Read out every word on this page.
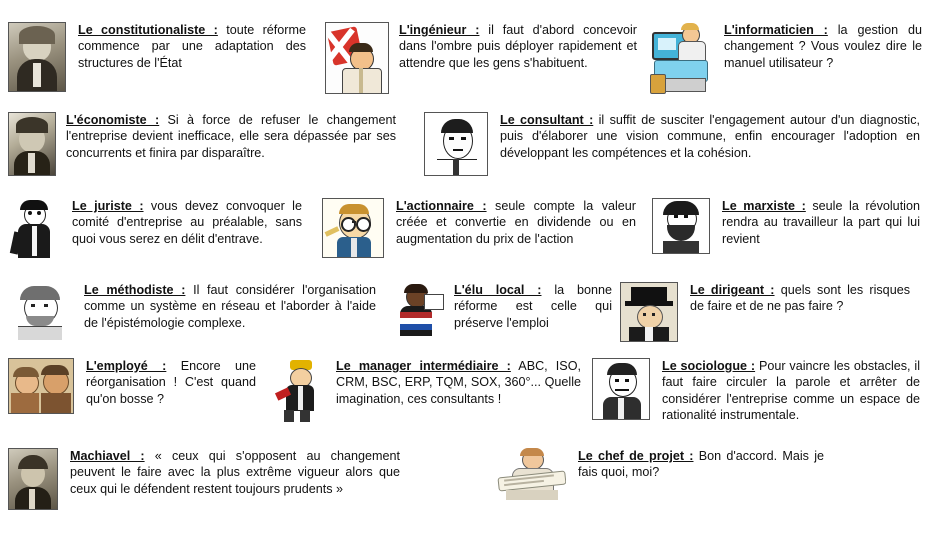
Le constitutionaliste : toute réforme commence par une adaptation des structures de l'État
L'ingénieur : il faut d'abord concevoir dans l'ombre puis déployer rapidement et attendre que les gens s'habituent.
L'informaticien : la gestion du changement ? Vous voulez dire le manuel utilisateur ?
L'économiste : Si à force de refuser le changement l'entreprise devient inefficace, elle sera dépassée par ses concurrents et finira par disparaître.
Le consultant : il suffit de susciter l'engagement autour d'un diagnostic, puis d'élaborer une vision commune, enfin encourager l'adoption en développant les compétences et la cohésion.
Le juriste : vous devez convoquer le comité d'entreprise au préalable, sans quoi vous serez en délit d'entrave.
L'actionnaire : seule compte la valeur créée et convertie en dividende ou en augmentation du prix de l'action
Le marxiste : seule la révolution rendra au travailleur la part qui lui revient
Le méthodiste : Il faut considérer l'organisation comme un système en réseau et l'aborder à l'aide de l'épistémologie complexe.
L'élu local : la bonne réforme est celle qui préserve l'emploi
Le dirigeant : quels sont les risques de faire et de ne pas faire ?
L'employé : Encore une réorganisation ! C'est quand qu'on bosse ?
Le manager intermédiaire : ABC, ISO, CRM, BSC, ERP, TQM, SOX, 360°... Quelle imagination, ces consultants !
Le sociologue : Pour vaincre les obstacles, il faut faire circuler la parole et arrêter de considérer l'entreprise comme un espace de rationalité instrumentale.
Machiavel : « ceux qui s'opposent au changement peuvent le faire avec la plus extrême vigueur alors que ceux qui le défendent restent toujours prudents »
Le chef de projet : Bon d'accord. Mais je fais quoi, moi?
